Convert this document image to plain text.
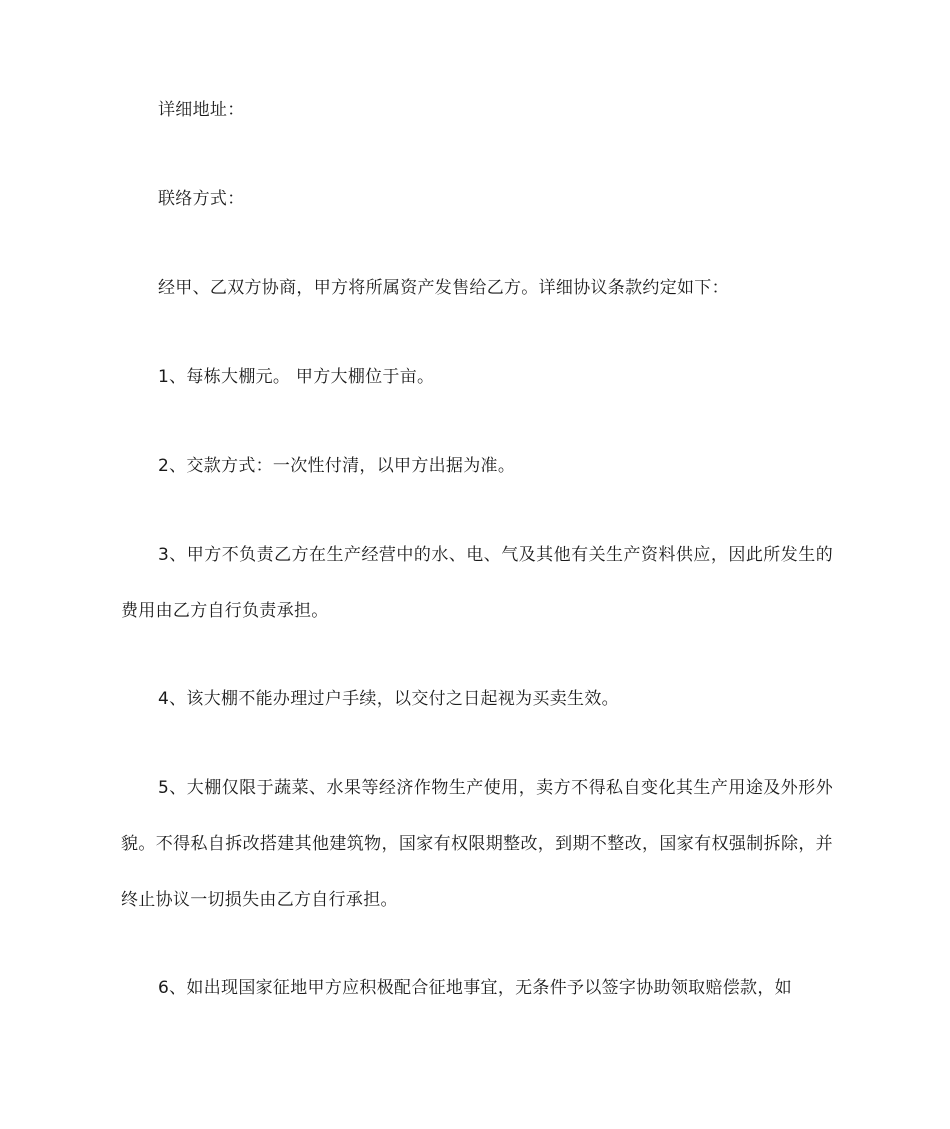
详细地址：

联络方式：

经甲、乙双方协商，甲方将所属资产发售给乙方。详细协议条款约定如下：

1、每栋大棚元。 甲方大棚位于亩。

2、交款方式：一次性付清，以甲方出据为准。

3、甲方不负责乙方在生产经营中的水、电、气及其他有关生产资料供应，因此所发生的费用由乙方自行负责承担。

4、该大棚不能办理过户手续，以交付之日起视为买卖生效。

5、大棚仅限于蔬菜、水果等经济作物生产使用，卖方不得私自变化其生产用途及外形外貌。不得私自拆改搭建其他建筑物，国家有权限期整改，到期不整改，国家有权强制拆除，并终止协议一切损失由乙方自行承担。

6、如出现国家征地甲方应积极配合征地事宜，无条件予以签字协助领取赔偿款，如
